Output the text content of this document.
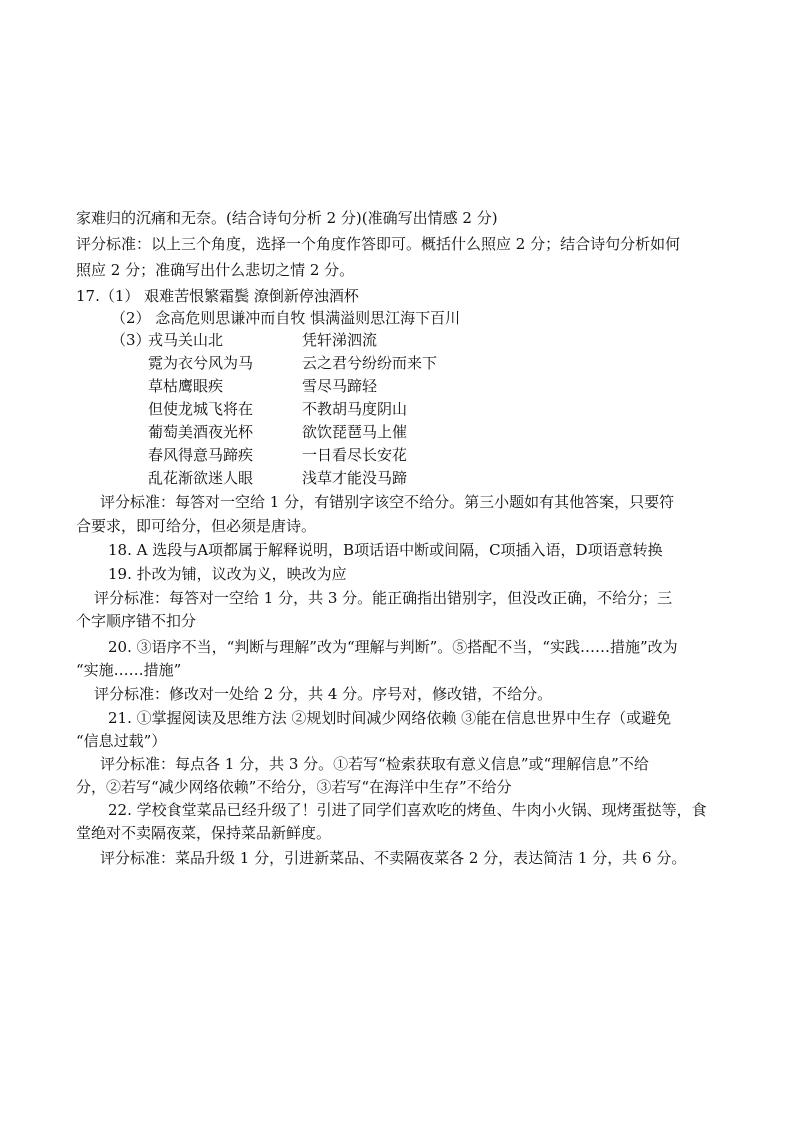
家难归的沉痛和无奈。(结合诗句分析 2 分)(准确写出情感 2 分)
评分标准：以上三个角度，选择一个角度作答即可。概括什么照应 2 分；结合诗句分析如何
照应 2 分；准确写出什么悲切之情 2 分。
17.（1） 艰难苦恨繁霜鬓 潦倒新停浊酒杯
（2） 念高危则思谦冲而自牧 惧满溢则思江海下百川
（3）
戎马关山北	凭轩涕泗流
霓为衣兮风为马	云之君兮纷纷而来下
草枯鹰眼疾	雪尽马蹄轻
但使龙城飞将在	不教胡马度阴山
葡萄美酒夜光杯	欲饮琵琶马上催
春风得意马蹄疾	一日看尽长安花
乱花渐欲迷人眼	浅草才能没马蹄
评分标准：每答对一空给 1 分，有错别字该空不给分。第三小题如有其他答案，只要符
合要求，即可给分，但必须是唐诗。
18. A 选段与A项都属于解释说明，B项话语中断或间隔，C项插入语，D项语意转换
19. 扑改为铺，议改为义，映改为应
评分标准：每答对一空给 1 分，共 3 分。能正确指出错别字，但没改正确，不给分；三
个字顺序错不扣分
20. ③语序不当，“判断与理解”改为“理解与判断”。⑤搭配不当，“实践……措施”改为
“实施……措施”
评分标准：修改对一处给 2 分，共 4 分。序号对，修改错，不给分。
21. ①掌握阅读及思维方法 ②规划时间减少网络依赖 ③能在信息世界中生存（或避免
“信息过载”）
评分标准：每点各 1 分，共 3 分。①若写“检索获取有意义信息”或“理解信息”不给
分，②若写“减少网络依赖”不给分，③若写“在海洋中生存”不给分
22. 学校食堂菜品已经升级了！引进了同学们喜欢吃的烤鱼、牛肉小火锅、现烤蛋挞等，食
堂绝对不卖隔夜菜，保持菜品新鲜度。
评分标准：菜品升级 1 分，引进新菜品、不卖隔夜菜各 2 分，表达简洁 1 分，共 6 分。
